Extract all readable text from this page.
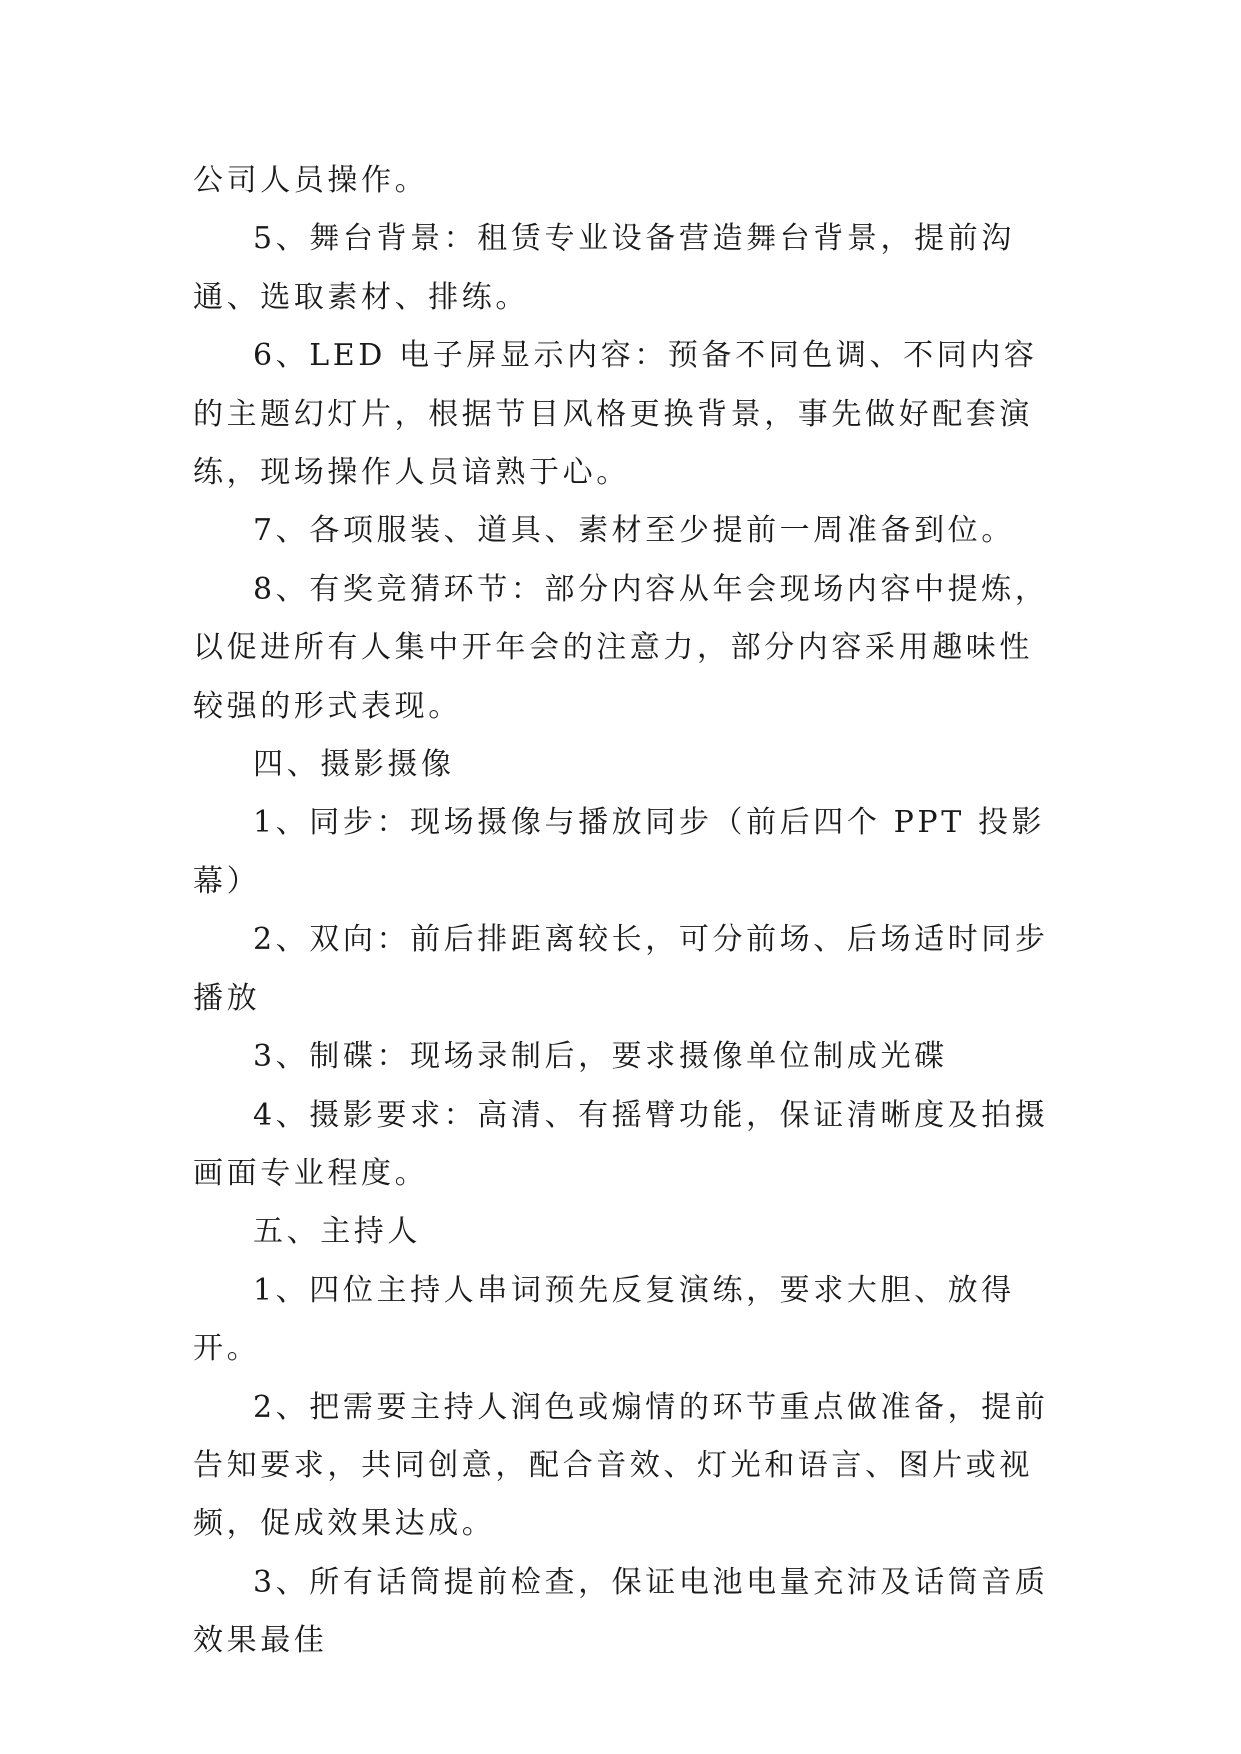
公司人员操作。

5、舞台背景：租赁专业设备营造舞台背景，提前沟通、选取素材、排练。

6、LED 电子屏显示内容：预备不同色调、不同内容的主题幻灯片，根据节目风格更换背景，事先做好配套演练，现场操作人员谙熟于心。

7、各项服装、道具、素材至少提前一周准备到位。

8、有奖竞猜环节：部分内容从年会现场内容中提炼，以促进所有人集中开年会的注意力，部分内容采用趣味性较强的形式表现。

四、摄影摄像

1、同步：现场摄像与播放同步（前后四个 PPT 投影幕）

2、双向：前后排距离较长，可分前场、后场适时同步播放

3、制碟：现场录制后，要求摄像单位制成光碟

4、摄影要求：高清、有摇臂功能，保证清晰度及拍摄画面专业程度。

五、主持人

1、四位主持人串词预先反复演练，要求大胆、放得开。

2、把需要主持人润色或煽情的环节重点做准备，提前告知要求，共同创意，配合音效、灯光和语言、图片或视频，促成效果达成。

3、所有话筒提前检查，保证电池电量充沛及话筒音质效果最佳
